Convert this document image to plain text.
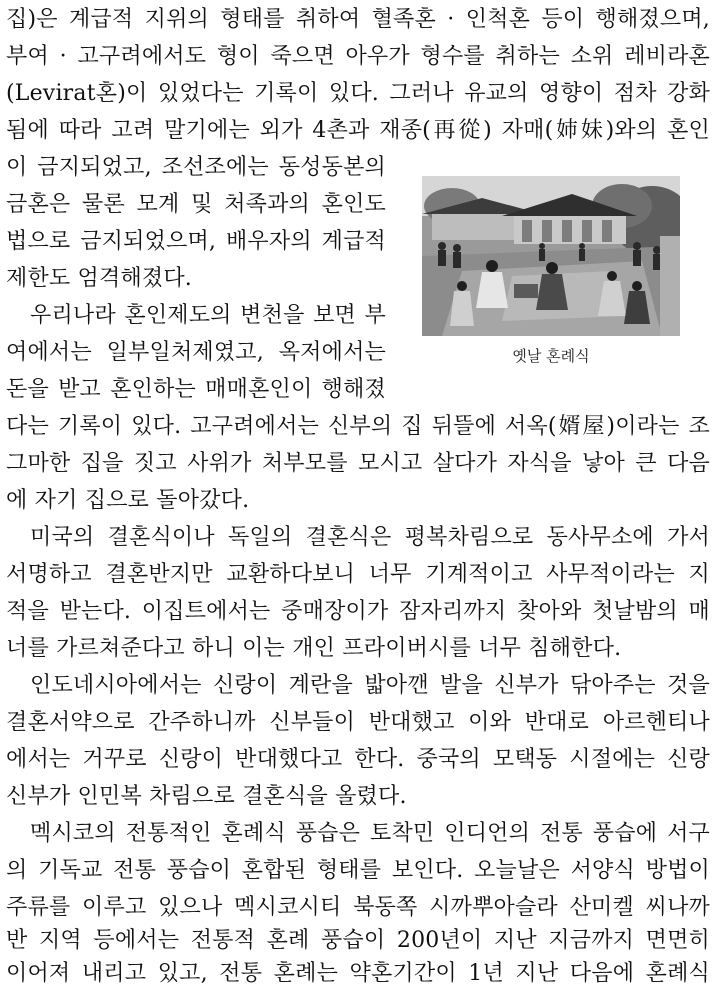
집)은 계급적 지위의 형태를 취하여 혈족혼 · 인척혼 등이 행해졌으며,
부여 · 고구려에서도 형이 죽으면 아우가 형수를 취하는 소위 레비라혼
(Levirat혼)이 있었다는 기록이 있다. 그러나 유교의 영향이 점차 강화
됨에 따라 고려 말기에는 외가 4촌과 재종(再從) 자매(姉妹)와의 혼인
이 금지되었고, 조선조에는 동성동본의
금혼은 물론 모계 및 처족과의 혼인도
법으로 금지되었으며, 배우자의 계급적
제한도 엄격해졌다.
우리나라 혼인제도의 변천을 보면 부
여에서는 일부일처제였고, 옥저에서는
돈을 받고 혼인하는 매매혼인이 행해졌
다는 기록이 있다. 고구려에서는 신부의 집 뒤뜰에 서옥(婿屋)이라는 조
그마한 집을 짓고 사위가 처부모를 모시고 살다가 자식을 낳아 큰 다음
에 자기 집으로 돌아갔다.
미국의 결혼식이나 독일의 결혼식은 평복차림으로 동사무소에 가서
서명하고 결혼반지만 교환하다보니 너무 기계적이고 사무적이라는 지
적을 받는다. 이집트에서는 중매장이가 잠자리까지 찾아와 첫날밤의 매
너를 가르쳐준다고 하니 이는 개인 프라이버시를 너무 침해한다.
인도네시아에서는 신랑이 계란을 밟아깬 발을 신부가 닦아주는 것을
결혼서약으로 간주하니까 신부들이 반대했고 이와 반대로 아르헨티나
에서는 거꾸로 신랑이 반대했다고 한다. 중국의 모택동 시절에는 신랑
신부가 인민복 차림으로 결혼식을 올렸다.
멕시코의 전통적인 혼례식 풍습은 토착민 인디언의 전통 풍습에 서구
의 기독교 전통 풍습이 혼합된 형태를 보인다. 오늘날은 서양식 방법이
주류를 이루고 있으나 멕시코시티 북동쪽 시까뿌아슬라 산미켈 씨나까
반 지역 등에서는 전통적 혼례 풍습이 200년이 지난 지금까지 면면히
이어져 내리고 있고, 전통 혼례는 약혼기간이 1년 지난 다음에 혼례식
옛날 혼례식
